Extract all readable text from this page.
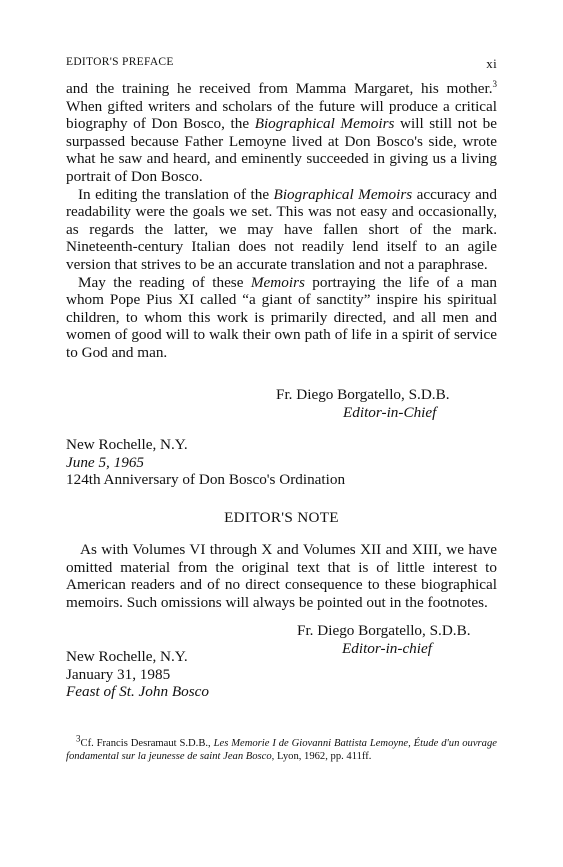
EDITOR'S PREFACE	xi

and the training he received from Mamma Margaret, his mother.$^3$ When gifted writers and scholars of the future will produce a critical biography of Don Bosco, the Biographical Memoirs will still not be surpassed because Father Lemoyne lived at Don Bosco's side, wrote what he saw and heard, and eminently succeeded in giving us a living portrait of Don Bosco.

In editing the translation of the Biographical Memoirs accuracy and readability were the goals we set. This was not easy and occasionally, as regards the latter, we may have fallen short of the mark. Nineteenth-century Italian does not readily lend itself to an agile version that strives to be an accurate translation and not a paraphrase.

May the reading of these Memoirs portraying the life of a man whom Pope Pius XI called “a giant of sanctity” inspire his spiritual children, to whom this work is primarily directed, and all men and women of good will to walk their own path of life in a spirit of service to God and man.

Fr. Diego Borgatello, S.D.B.
Editor-in-Chief
New Rochelle, N.Y.
June 5, 1965
124th Anniversary of Don Bosco's Ordination
EDITOR'S NOTE

As with Volumes VI through X and Volumes XII and XIII, we have omitted material from the original text that is of little interest to American readers and of no direct consequence to these biographical memoirs. Such omissions will always be pointed out in the footnotes.

Fr. Diego Borgatello, S.D.B.
Editor-in-chief
New Rochelle, N.Y.
January 31, 1985
Feast of St. John Bosco

$^3$Cf. Francis Desramaut S.D.B., Les Memorie I de Giovanni Battista Lemoyne, Étude d'un ouvrage fondamental sur la jeunesse de saint Jean Bosco, Lyon, 1962, pp. 411ff.
